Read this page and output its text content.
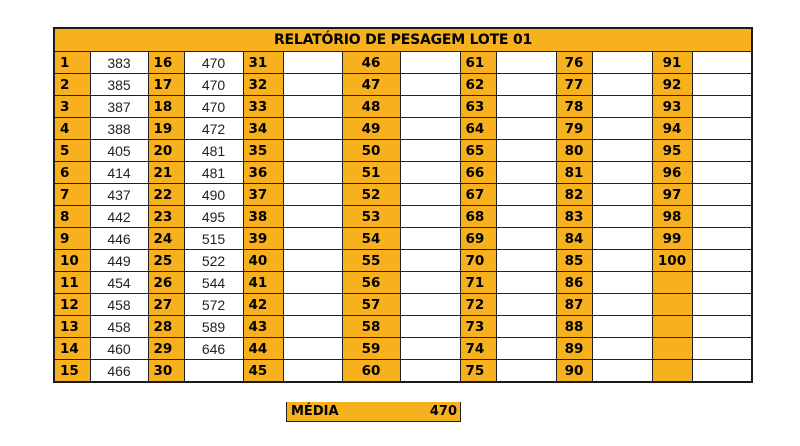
RELATÓRIO DE PESAGEM LOTE 01													
1	383	16	470	31		46		61		76		91	
2	385	17	470	32		47		62		77		92	
3	387	18	470	33		48		63		78		93	
4	388	19	472	34		49		64		79		94	
5	405	20	481	35		50		65		80		95	
6	414	21	481	36		51		66		81		96	
7	437	22	490	37		52		67		82		97	
8	442	23	495	38		53		68		83		98	
9	446	24	515	39		54		69		84		99	
10	449	25	522	40		55		70		85		100	
11	454	26	544	41		56		71		86			
12	458	27	572	42		57		72		87			
13	458	28	589	43		58		73		88			
14	460	29	646	44		59		74		89			
15	466	30		45		60		75		90			
MÉDIA	470
